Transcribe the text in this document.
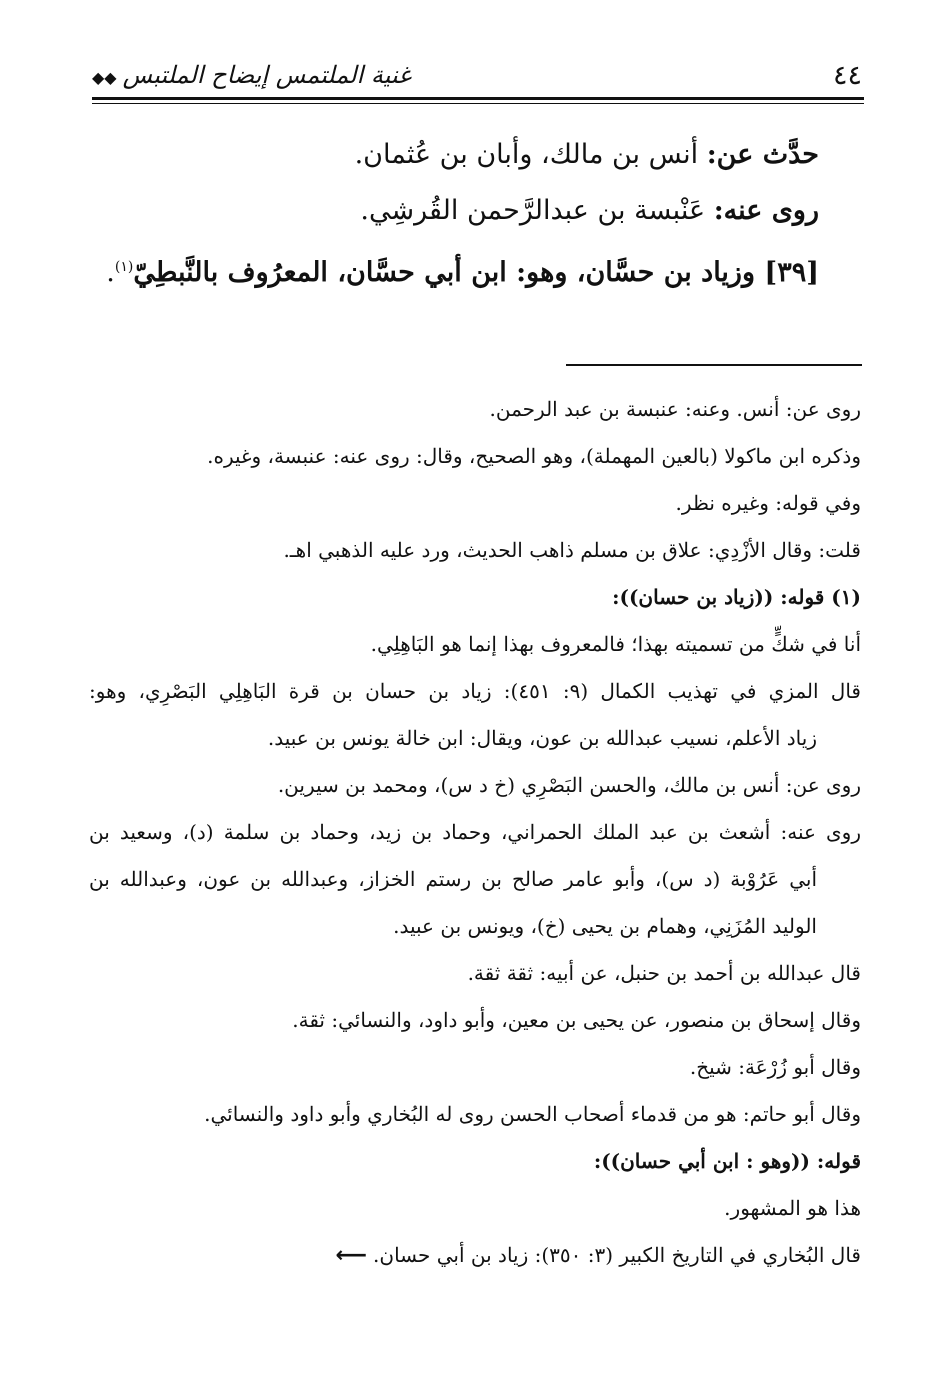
٤٤
غنية الملتمس إيضاح الملتبس◆◆

حدَّث عن: أنس بن مالك، وأبان بن عُثمان.

روى عنه: عَنْبسة بن عبدالرَّحمن القُرشِي.

[٣٩] وزياد بن حسَّان، وهو: ابن أبي حسَّان، المعرُوف بالنَّبطِيّ$^{(١)}$.

روى عن: أنس. وعنه: عنبسة بن عبد الرحمن.

وذكره ابن ماكولا (بالعين المهملة)، وهو الصحيح، وقال: روى عنه: عنبسة، وغيره.

وفي قوله: وغيره نظر.

قلت: وقال الأزْدِي: علاق بن مسلم ذاهب الحديث، ورد عليه الذهبي اهـ.

(١) قوله: ((زياد بن حسان)):

أنا في شكٍّ من تسميته بهذا؛ فالمعروف بهذا إنما هو البَاهِلِي.

قال المزي في تهذيب الكمال (٩: ٤٥١): زياد بن حسان بن قرة البَاهِلِي البَصْرِي، وهو:

زياد الأعلم، نسيب عبدالله بن عون، ويقال: ابن خالة يونس بن عبيد.

روى عن: أنس بن مالك، والحسن البَصْرِي (خ د س)، ومحمد بن سيرين.

روى عنه: أشعث بن عبد الملك الحمراني، وحماد بن زيد، وحماد بن سلمة (د)، وسعيد بن

أبي عَرُوْبة (د س)، وأبو عامر صالح بن رستم الخزاز، وعبدالله بن عون، وعبدالله بن

الوليد المُزَنِي، وهمام بن يحيى (خ)، ويونس بن عبيد.

قال عبدالله بن أحمد بن حنبل، عن أبيه: ثقة ثقة.

وقال إسحاق بن منصور، عن يحيى بن معين، وأبو داود، والنسائي: ثقة.

وقال أبو زُرْعَة: شيخ.

وقال أبو حاتم: هو من قدماء أصحاب الحسن روى له البُخاري وأبو داود والنسائي.

قوله: ((وهو : ابن أبي حسان)):

هذا هو المشهور.

قال البُخاري في التاريخ الكبير (٣: ٣٥٠): زياد بن أبي حسان.⟵
